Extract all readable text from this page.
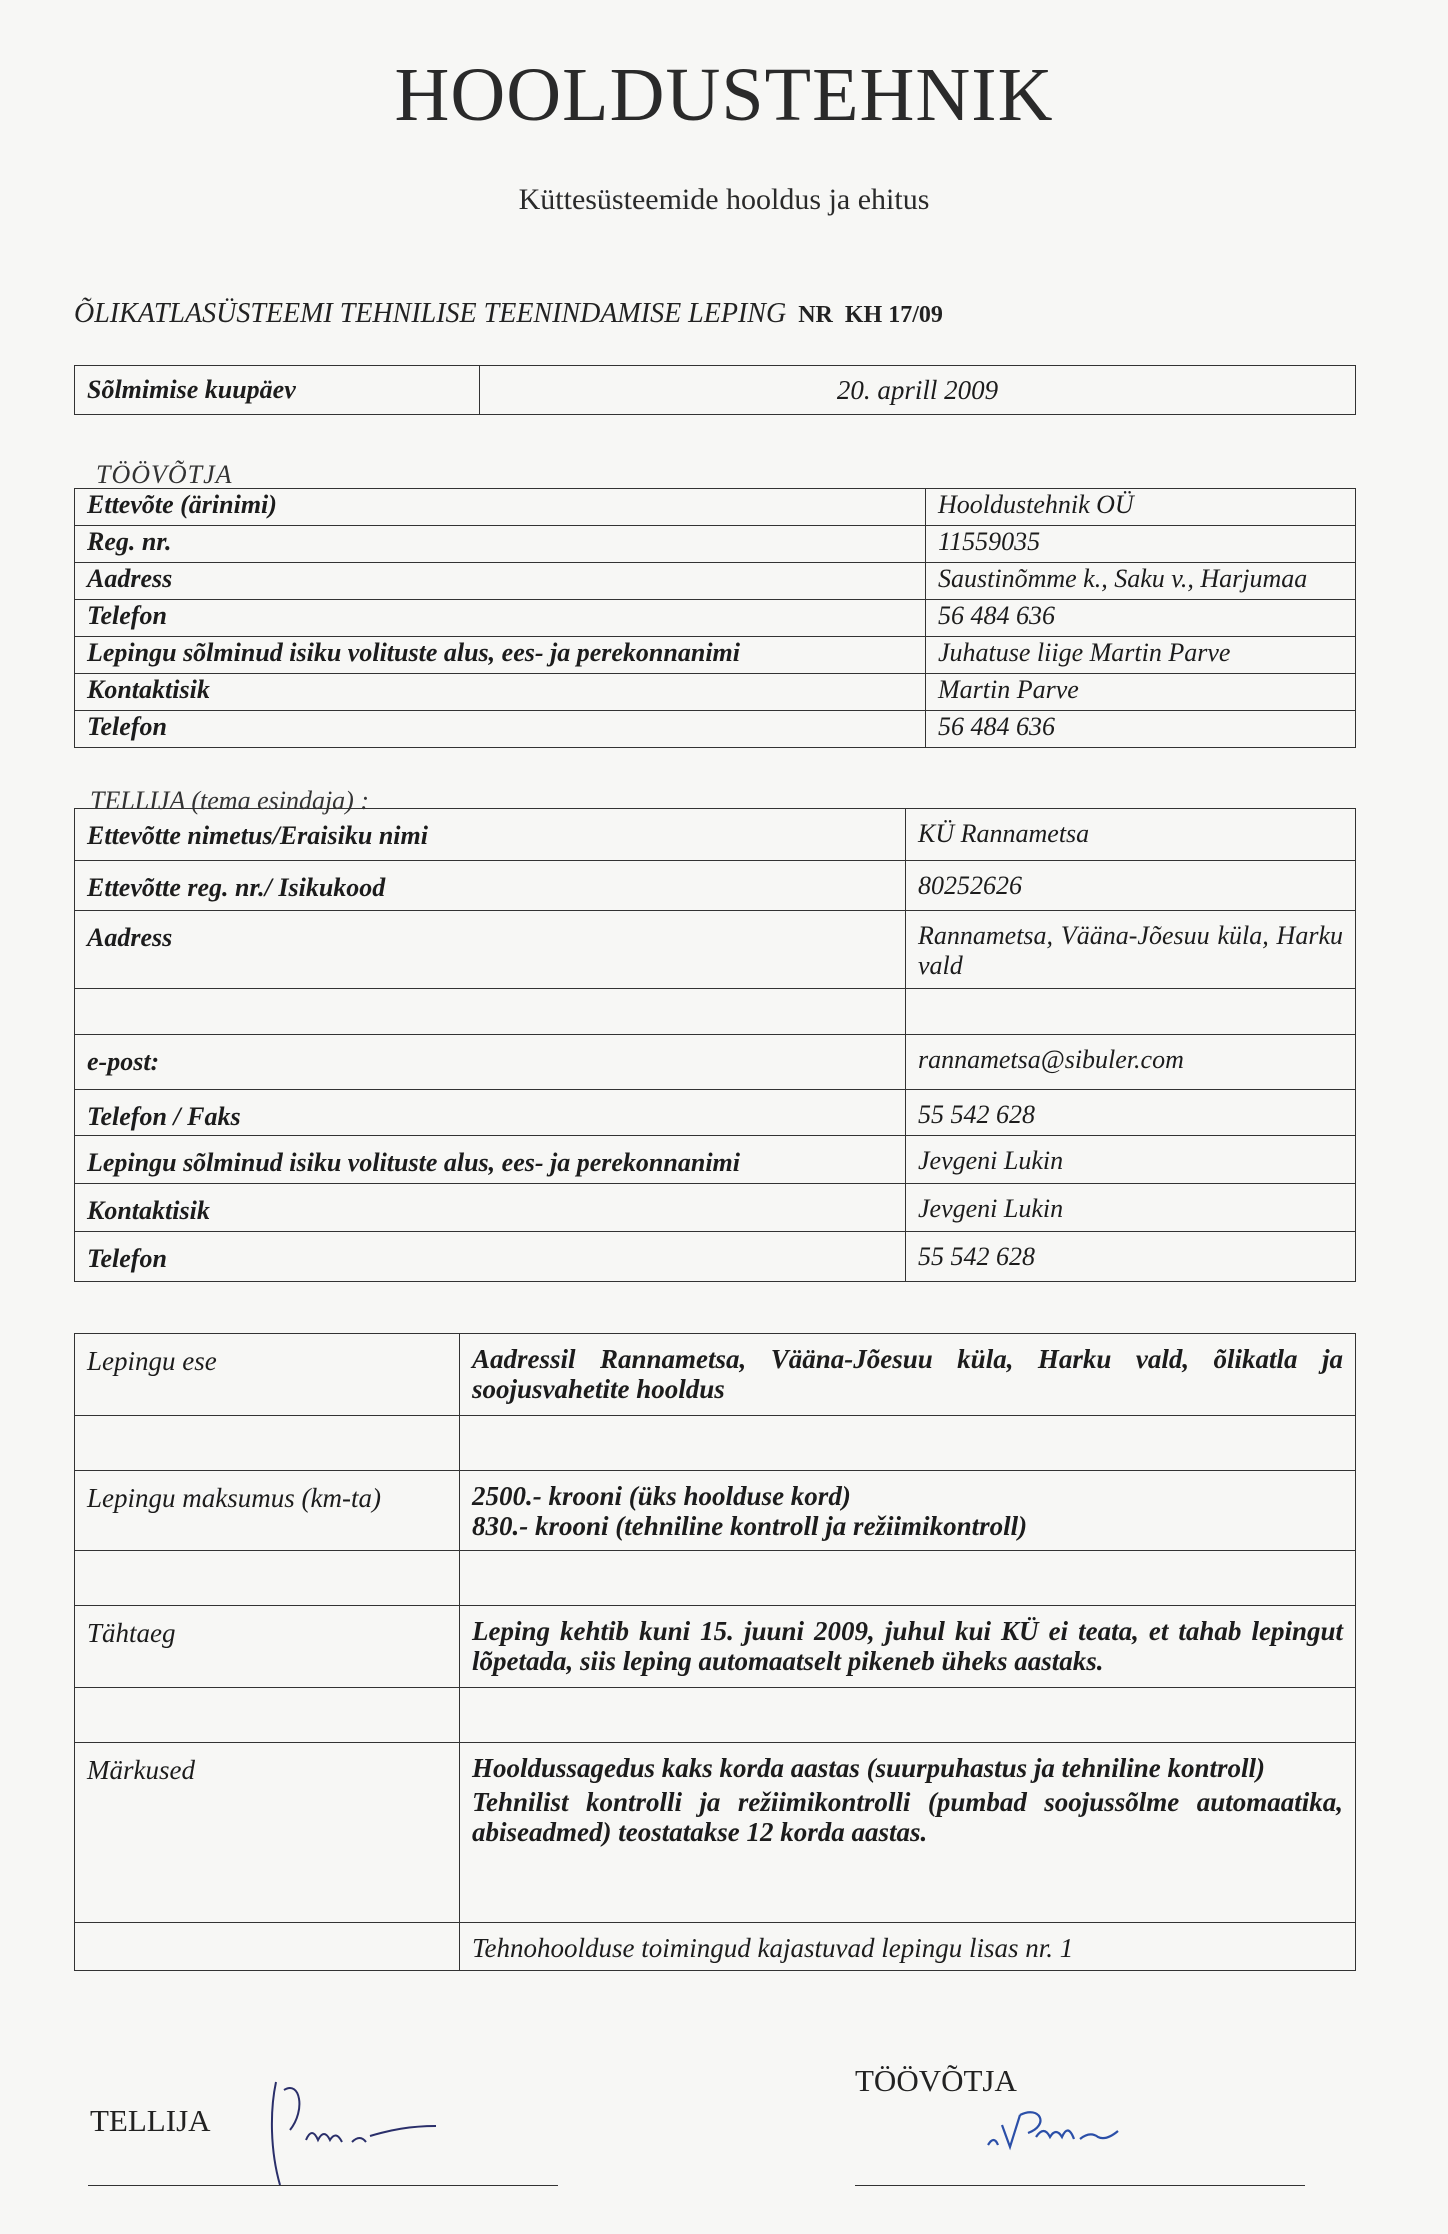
HOOLDUSTEHNIK
Küttesüsteemide hooldus ja ehitus
ÕLIKATLASÜSTEEMI TEHNILISE TEENINDAMISE LEPING NR KH 17/09
Sõlmimise kuupäev	20. aprill 2009
TÖÖVÕTJA
Ettevõte (ärinimi)	Hooldustehnik OÜ
Reg. nr.	11559035
Aadress	Saustinõmme k., Saku v., Harjumaa
Telefon	56 484 636
Lepingu sõlminud isiku volituste alus, ees- ja perekonnanimi	Juhatuse liige Martin Parve
Kontaktisik	Martin Parve
Telefon	56 484 636
TELLIJA (tema esindaja) :
Ettevõtte nimetus/Eraisiku nimi	KÜ Rannametsa
Ettevõtte reg. nr./ Isikukood	80252626
Aadress	Rannametsa, Vääna-Jõesuu küla, Harku vald

e-post:	rannametsa@sibuler.com
Telefon / Faks	55 542 628
Lepingu sõlminud isiku volituste alus, ees- ja perekonnanimi	Jevgeni Lukin
Kontaktisik	Jevgeni Lukin
Telefon	55 542 628
Lepingu ese	Aadressil Rannametsa, Vääna-Jõesuu küla, Harku vald, õlikatla ja soojusvahetite hooldus

Lepingu maksumus (km-ta)	2500.- krooni (üks hoolduse kord)
830.- krooni (tehniline kontroll ja režiimikontroll)

Tähtaeg	Leping kehtib kuni 15. juuni 2009, juhul kui KÜ ei teata, et tahab lepingut lõpetada, siis leping automaatselt pikeneb üheks aastaks.

Märkused	Hooldussagedus kaks korda aastas (suurpuhastus ja tehniline kontroll)
Tehnilist kontrolli ja režiimikontrolli (pumbad soojussõlme automaatika, abiseadmed) teostatakse 12 korda aastas.

	Tehnohoolduse toimingud kajastuvad lepingu lisas nr. 1
TELLIJA
TÖÖVÕTJA
